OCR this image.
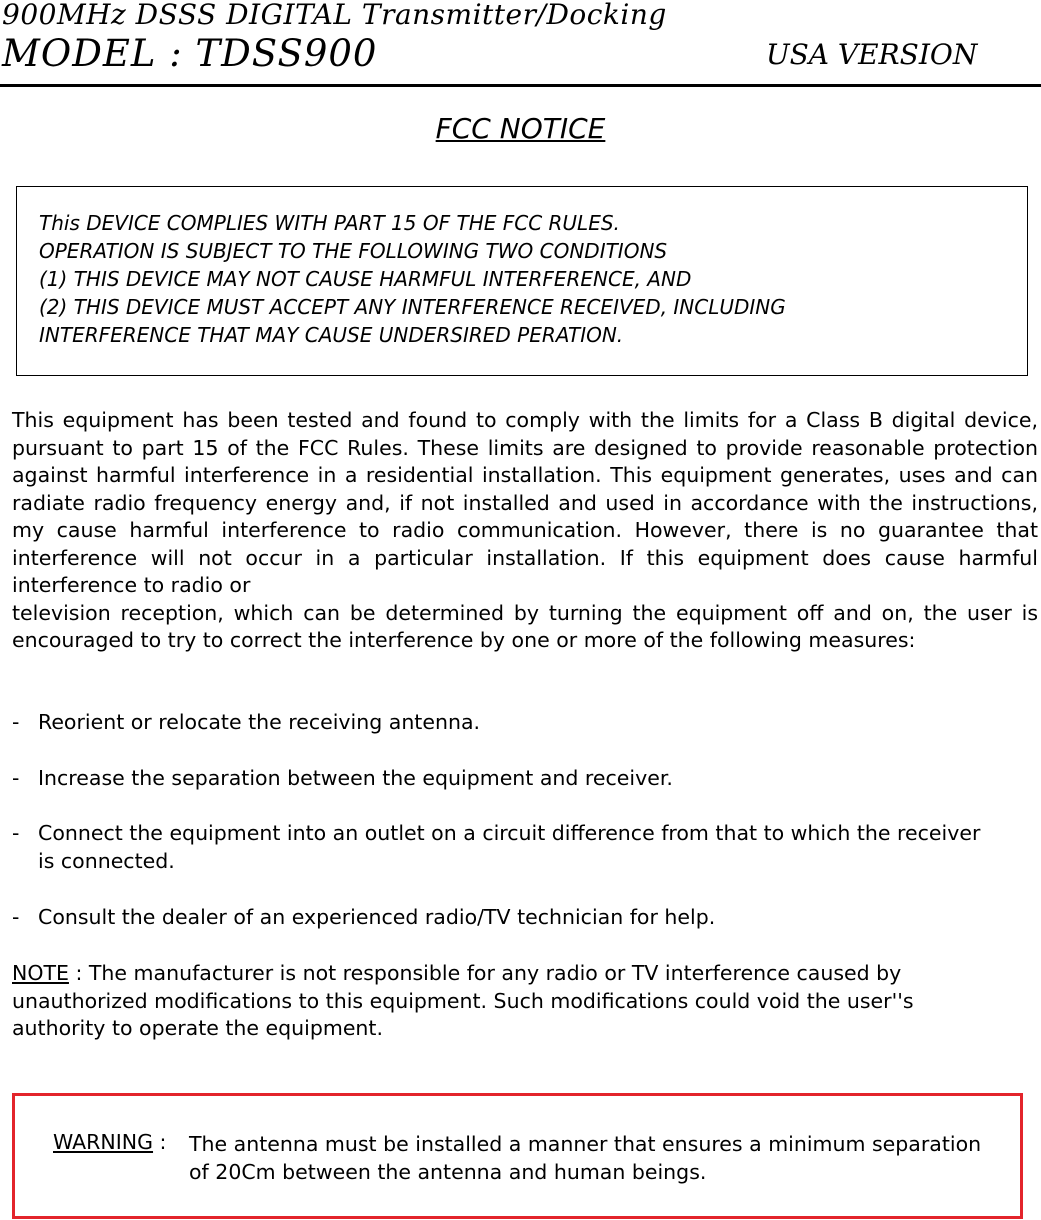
900MHz DSSS DIGITAL Transmitter/Docking
MODEL : TDSS900	USA VERSION
FCC NOTICE
This DEVICE COMPLIES WITH PART 15 OF THE FCC RULES.
OPERATION IS SUBJECT TO THE FOLLOWING TWO CONDITIONS
(1) THIS DEVICE MAY NOT CAUSE HARMFUL INTERFERENCE, AND
(2) THIS DEVICE MUST ACCEPT ANY INTERFERENCE RECEIVED, INCLUDING
INTERFERENCE THAT MAY CAUSE UNDERSIRED PERATION.

This equipment has been tested and found to comply with the limits for a Class B digital device, pursuant to part 15 of the FCC Rules. These limits are designed to provide reasonable protection against harmful interference in a residential installation. This equipment generates, uses and can radiate radio frequency energy and, if not installed and used in accordance with the instructions, my cause harmful interference to radio communication. However, there is no guarantee that interference will not occur in a particular installation. If this equipment does cause harmful interference to radio or

television reception, which can be determined by turning the equipment off and on, the user is encouraged to try to correct the interference by one or more of the following measures:

- Reorient or relocate the receiving antenna.
- Increase the separation between the equipment and receiver.
- Connect the equipment into an outlet on a circuit difference from that to which the receiver is connected.
- Consult the dealer of an experienced radio/TV technician for help.
NOTE : The manufacturer is not responsible for any radio or TV interference caused by unauthorized modifications to this equipment. Such modifications could void the user''s authority to operate the equipment.
WARNING : The antenna must be installed a manner that ensures a minimum separation of 20Cm between the antenna and human beings.
